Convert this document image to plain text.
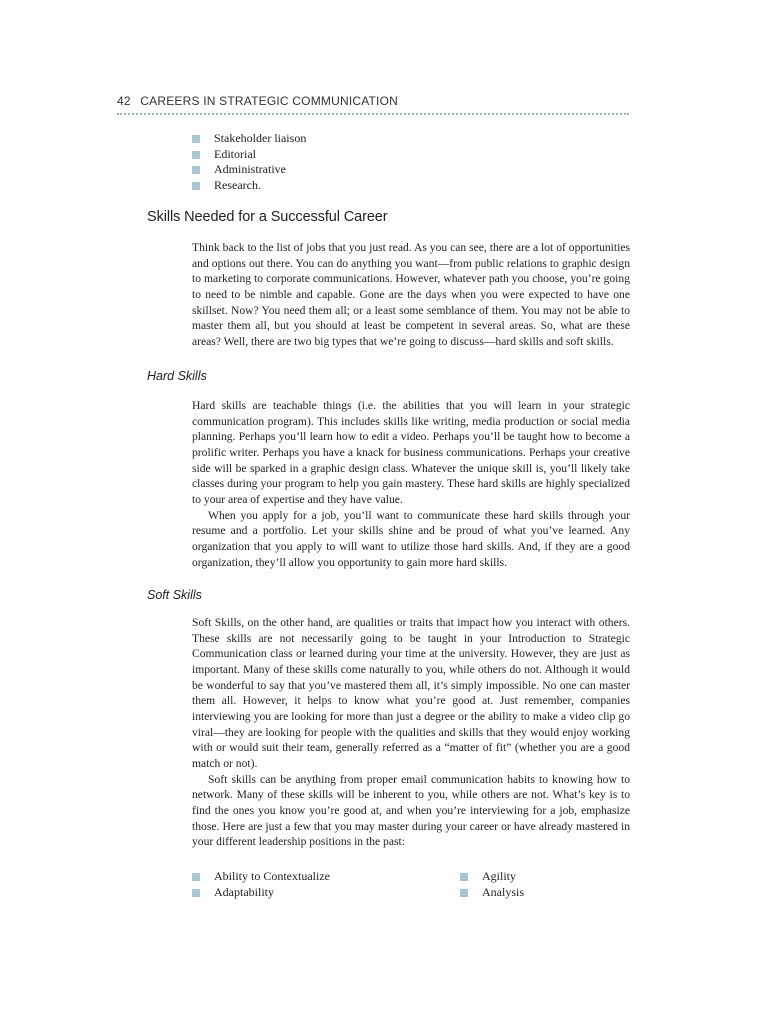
42 CAREERS IN STRATEGIC COMMUNICATION
Stakeholder liaison
Editorial
Administrative
Research.
Skills Needed for a Successful Career

Think back to the list of jobs that you just read. As you can see, there are a lot of opportunities and options out there. You can do anything you want—from public relations to graphic design to marketing to corporate communications. However, whatever path you choose, you’re going to need to be nimble and capable. Gone are the days when you were expected to have one skillset. Now? You need them all; or a least some semblance of them. You may not be able to master them all, but you should at least be competent in several areas. So, what are these areas? Well, there are two big types that we’re going to discuss—hard skills and soft skills.

Hard Skills

Hard skills are teachable things (i.e. the abilities that you will learn in your strategic communication program). This includes skills like writing, media production or social media planning. Perhaps you’ll learn how to edit a video. Perhaps you’ll be taught how to become a prolific writer. Perhaps you have a knack for business communications. Perhaps your creative side will be sparked in a graphic design class. Whatever the unique skill is, you’ll likely take classes during your program to help you gain mastery. These hard skills are highly specialized to your area of expertise and they have value.

When you apply for a job, you’ll want to communicate these hard skills through your resume and a portfolio. Let your skills shine and be proud of what you’ve learned. Any organization that you apply to will want to utilize those hard skills. And, if they are a good organization, they’ll allow you opportunity to gain more hard skills.

Soft Skills

Soft Skills, on the other hand, are qualities or traits that impact how you interact with others. These skills are not necessarily going to be taught in your Introduction to Strategic Communication class or learned during your time at the university. However, they are just as important. Many of these skills come naturally to you, while others do not. Although it would be wonderful to say that you’ve mastered them all, it’s simply impossible. No one can master them all. However, it helps to know what you’re good at. Just remember, companies interviewing you are looking for more than just a degree or the ability to make a video clip go viral—they are looking for people with the qualities and skills that they would enjoy working with or would suit their team, generally referred as a “matter of fit” (whether you are a good match or not).

Soft skills can be anything from proper email communication habits to knowing how to network. Many of these skills will be inherent to you, while others are not. What’s key is to find the ones you know you’re good at, and when you’re interviewing for a job, emphasize those. Here are just a few that you may master during your career or have already mastered in your different leadership positions in the past:

Ability to Contextualize
Adaptability
Agility
Analysis
